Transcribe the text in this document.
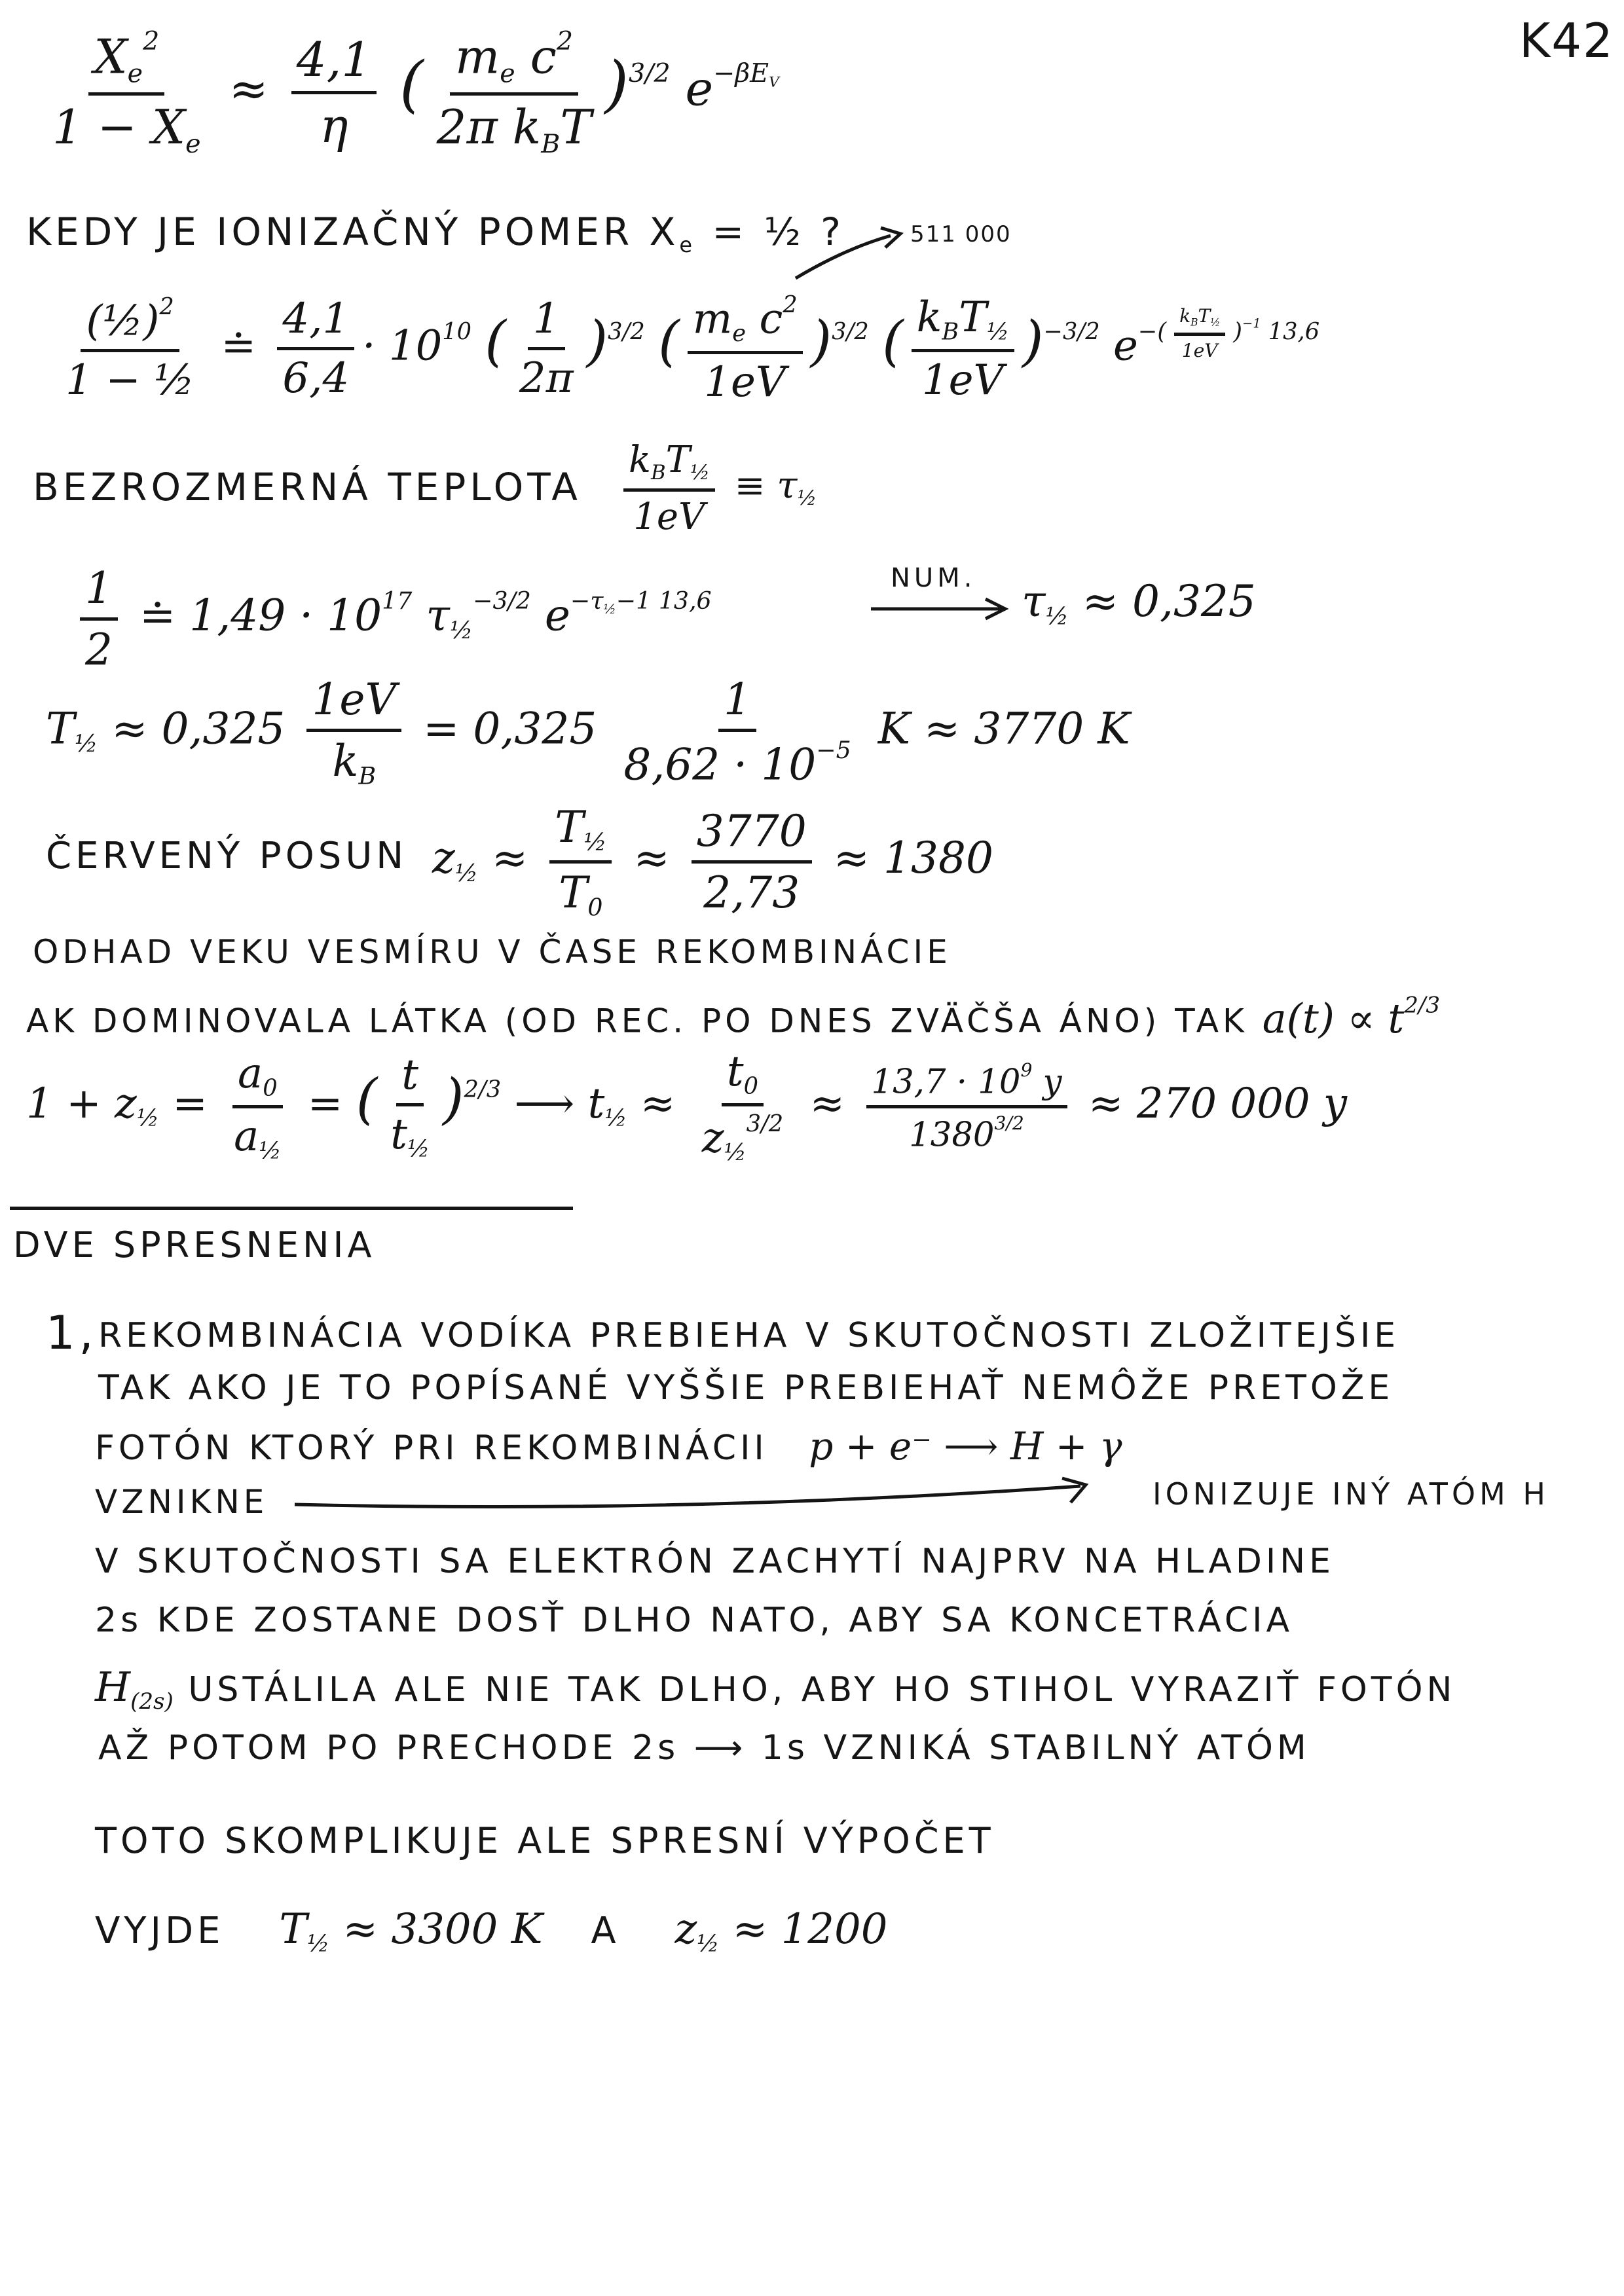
K42
$\frac{X_e^2}{1 - X_e} \approx \frac{4,1}{\eta}$ ( $\frac{m_e c^2}{2\pi k_BT} )^{3/2}$ $e^{-\beta E_V}$
KEDY JE IONIZAČNÝ POMER $X_e$ = ½ ?	511 000
$\frac{(\frac{1}{2})^2}{\text{1 − ½}}$ ≐ $\frac{4,1}{6,4} \cdot 10^{10}$ ( $\frac{1}{2\pi} )^{3/2}$ ( $\frac{m_e c^2}{1eV} )^{3/2}$ ( $\frac{k_BT_{\frac{1}{2}}}{1eV} )^{-3/2}$ $e^{-( \frac{k_BT_{\frac{1}{2}}}{1eV} )^{-1} 13,6}$
BEZROZMERNÁ TEPLOTA $\frac{k_BT_{\frac{1}{2}}}{1eV} \equiv \tau_{\frac{1}{2}}$
$\frac{1}{2}$ ≐ $1,49 \cdot 10^{17}$ $\tau_{\frac{1}{2}}^{-3/2}$ $e^{-\tau_{\frac{1}{2}}-1 13,6}$
NUM. $\tau_{\frac{1}{2}} \approx 0,325$
$T_{\frac{1}{2}} \approx 0,325 \frac{1eV}{k_B} = 0,325 \frac{1}{8,62 \cdot 10^{-5}}$ K ≈ 3770 K
ČERVENÝ POSUN $z_{\frac{1}{2}} \approx \frac{T_{\frac{1}{2}}}{T_0} \approx \frac{3770}{2,73} \approx 1380$
ODHAD VEKU VESMÍRU V ČASE REKOMBINÁCIE
AK DOMINOVALA LÁTKA (OD REC. PO DNES ZVÄČŠA ÁNO) TAK $a(t) \propto t^{2/3}$
$1 + z_{\frac{1}{2}} = \frac{a_0}{a_{\frac{1}{2}}}$ = ( $\frac{t}{t_{\frac{1}{2}}} )^{2/3}$ ⟶ $t_{\frac{1}{2}} \approx \frac{t_0}{z_{\frac{1}{2}}^{3/2}} \approx \frac{13,7 \cdot 10^9 y}{1380^{3/2}} \approx 270$ 000 y
DVE SPRESNENIA
1, REKOMBINÁCIA VODÍKA PREBIEHA V SKUTOČNOSTI ZLOŽITEJŠIE
TAK AKO JE TO POPÍSANÉ VYŠŠIE PREBIEHAŤ NEMÔŽE PRETOŽE
FOTÓN KTORÝ PRI REKOMBINÁCII p + e⁻ ⟶ H + γ
VZNIKNE	IONIZUJE INÝ ATÓM H
V SKUTOČNOSTI SA ELEKTRÓN ZACHYTÍ NAJPRV NA HLADINE
2s KDE ZOSTANE DOSŤ DLHO NATO, ABY SA KONCETRÁCIA
$H_{(2s)}$ USTÁLILA ALE NIE TAK DLHO, ABY HO STIHOL VYRAZIŤ FOTÓN
AŽ POTOM PO PRECHODE 2s ⟶ 1s VZNIKÁ STABILNÝ ATÓM
TOTO SKOMPLIKUJE ALE SPRESNÍ VÝPOČET
VYJDE $T_{\frac{1}{2}} \approx 3300$ K A $z_{\frac{1}{2}} \approx 1200$
